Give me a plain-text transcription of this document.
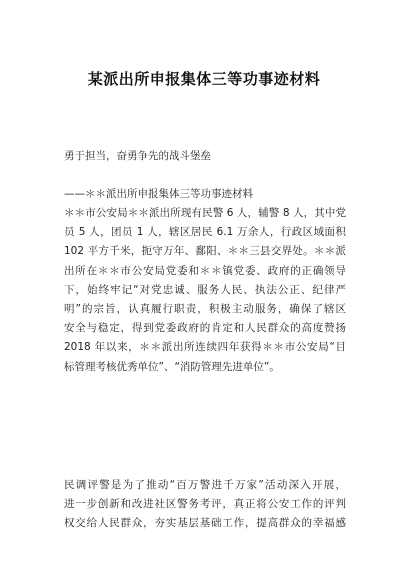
某派出所申报集体三等功事迹材料
勇于担当，奋勇争先的战斗堡垒
——＊＊派出所申报集体三等功事迹材料
＊＊市公安局＊＊派出所现有民警 6 人，辅警 8 人，其中党
员 5 人，团员 1 人，辖区居民 6.1 万余人，行政区域面积
102 平方千米，扼守万年、鄱阳、＊＊三县交界处。＊＊派
出所在＊＊市公安局党委和＊＊镇党委、政府的正确领导
下，始终牢记“对党忠诚、服务人民、执法公正、纪律严
明”的宗旨，认真履行职责，积极主动服务，确保了辖区
安全与稳定，得到党委政府的肯定和人民群众的高度赞扬
2018 年以来，＊＊派出所连续四年获得＊＊市公安局“目
标管理考核优秀单位”、“消防管理先进单位”。
民调评警是为了推动“百万警进千万家”活动深入开展，
进一步创新和改进社区警务考评，真正将公安工作的评判
权交给人民群众，夯实基层基础工作，提高群众的幸福感
